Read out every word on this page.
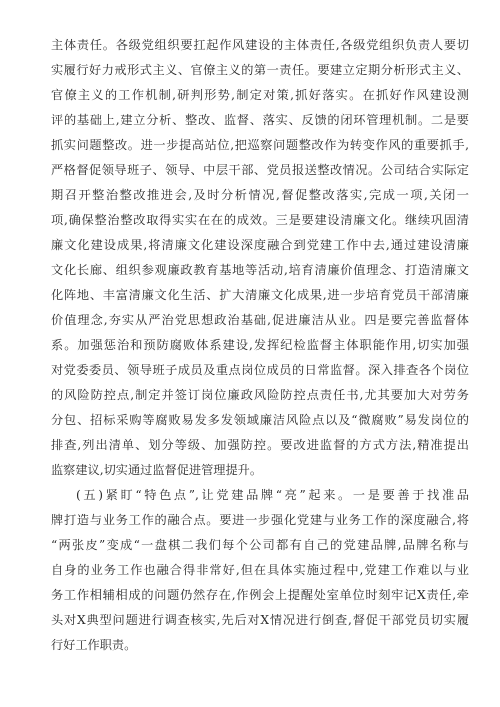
主体责任。各级党组织要扛起作风建设的主体责任,各级党组织负责人要切
实履行好力戒形式主义、官僚主义的第一责任。要建立定期分析形式主义、
官僚主义的工作机制,研判形势,制定对策,抓好落实。在抓好作风建设测
评的基础上,建立分析、整改、监督、落实、反馈的闭环管理机制。二是要
抓实问题整改。进一步提高站位,把巡察问题整改作为转变作风的重要抓手,
严格督促领导班子、领导、中层干部、党员报送整改情况。公司结合实际定
期召开整治整改推进会,及时分析情况,督促整改落实,完成一项,关闭一
项,确保整治整改取得实实在在的成效。三是要建设清廉文化。继续巩固清
廉文化建设成果,将清廉文化建设深度融合到党建工作中去,通过建设清廉
文化长廊、组织参观廉政教育基地等活动,培育清廉价值理念、打造清廉文
化阵地、丰富清廉文化生活、扩大清廉文化成果,进一步培育党员干部清廉
价值理念,夯实从严治党思想政治基础,促进廉洁从业。四是要完善监督体
系。加强惩治和预防腐败体系建设,发挥纪检监督主体职能作用,切实加强
对党委委员、领导班子成员及重点岗位成员的日常监督。深入排查各个岗位
的风险防控点,制定并签订岗位廉政风险防控点责任书,尤其要加大对劳务
分包、招标采购等腐败易发多发领域廉洁风险点以及“微腐败”易发岗位的
排查,列出清单、划分等级、加强防控。要改进监督的方式方法,精准提出
监察建议,切实通过监督促进管理提升。
(五)紧盯“特色点”,让党建品牌“亮”起来。一是要善于找准品
牌打造与业务工作的融合点。要进一步强化党建与业务工作的深度融合,将
“两张皮”变成“一盘棋二我们每个公司都有自己的党建品牌,品牌名称与
自身的业务工作也融合得非常好,但在具体实施过程中,党建工作难以与业
务工作相辅相成的问题仍然存在,作例会上提醒处室单位时刻牢记X责任,牵
头对X典型问题进行调查核实,先后对X情况进行倒查,督促干部党员切实履
行好工作职责。
